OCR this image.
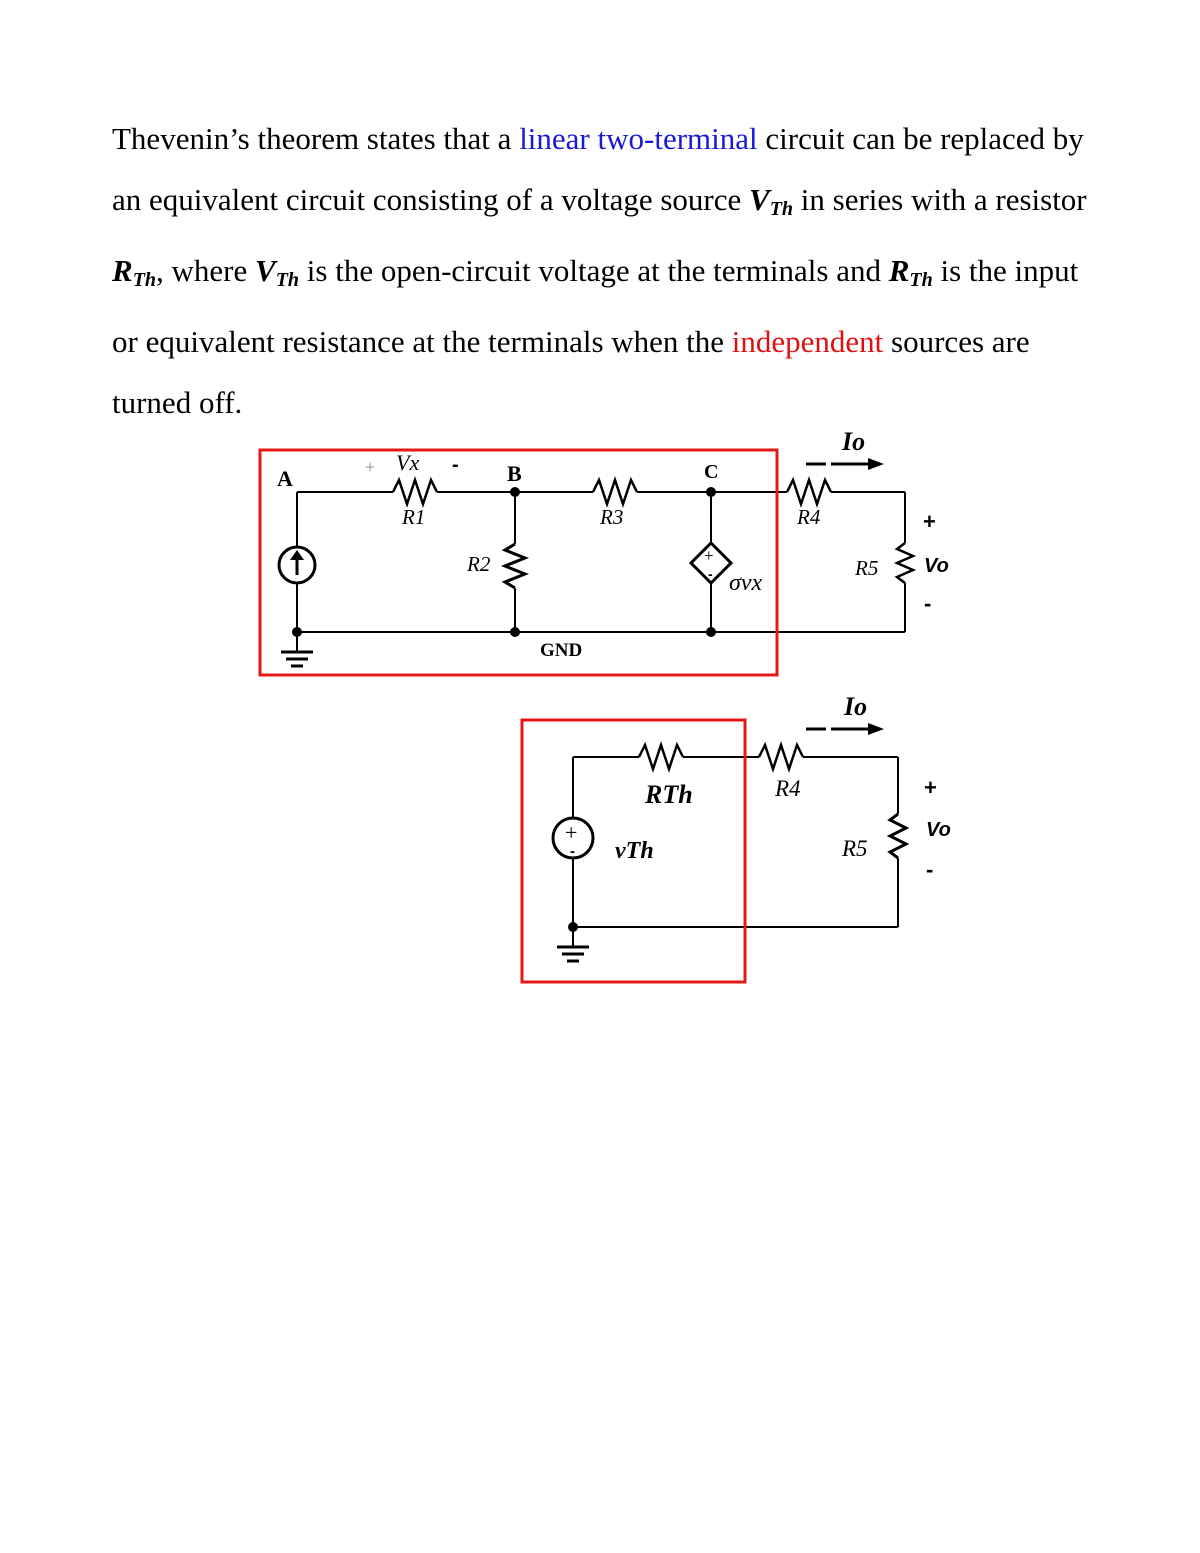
Thevenin’s theorem states that a linear two-terminal circuit can be replaced by an equivalent circuit consisting of a voltage source $V_{Th}$ in series with a resistor $R_{Th}$, where $V_{Th}$ is the open-circuit voltage at the terminals and $R_{Th}$ is the input or equivalent resistance at the terminals when the independent sources are turned off.
A	+ Vx - B	C
R1
R2
R3	R4
R5
+
- σvx
GND
Io
+
Vo
-
+
-
RTh
vTh
R4
R5
Io
+
Vo
-
